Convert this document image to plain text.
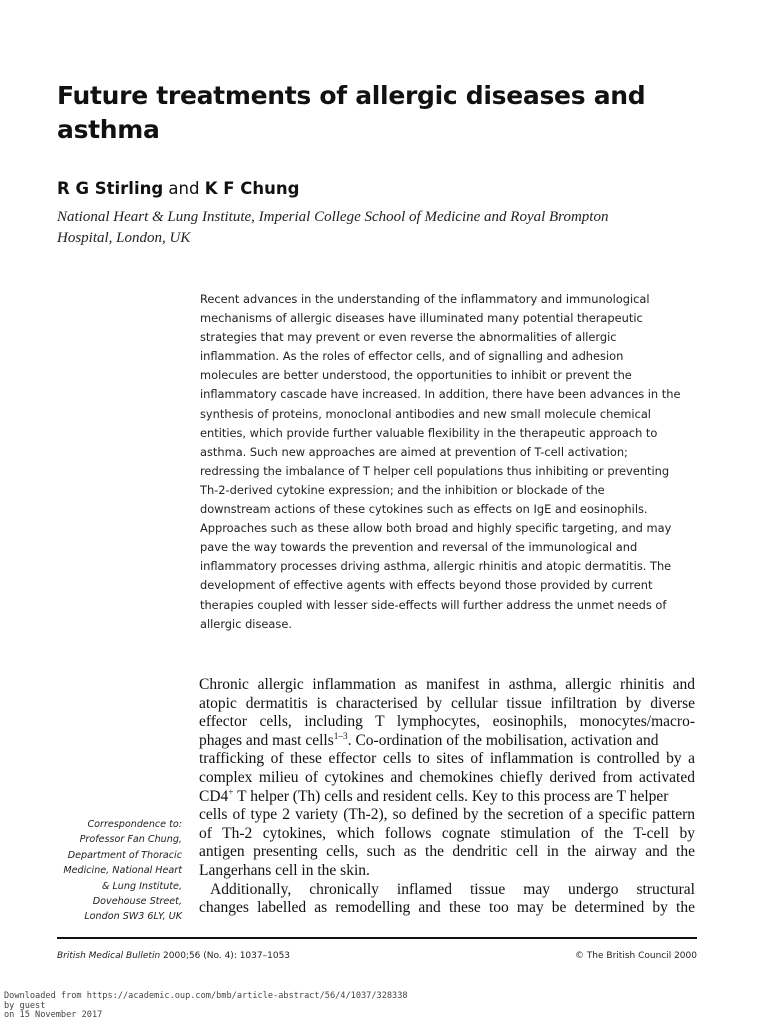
Future treatments of allergic diseases and
asthma

R G Stirling and K F Chung

National Heart & Lung Institute, Imperial College School of Medicine and Royal Brompton
Hospital, London, UK

Recent advances in the understanding of the inflammatory and immunological
mechanisms of allergic diseases have illuminated many potential therapeutic
strategies that may prevent or even reverse the abnormalities of allergic
inflammation. As the roles of effector cells, and of signalling and adhesion
molecules are better understood, the opportunities to inhibit or prevent the
inflammatory cascade have increased. In addition, there have been advances in the
synthesis of proteins, monoclonal antibodies and new small molecule chemical
entities, which provide further valuable flexibility in the therapeutic approach to
asthma. Such new approaches are aimed at prevention of T-cell activation;
redressing the imbalance of T helper cell populations thus inhibiting or preventing
Th-2-derived cytokine expression; and the inhibition or blockade of the
downstream actions of these cytokines such as effects on IgE and eosinophils.
Approaches such as these allow both broad and highly specific targeting, and may
pave the way towards the prevention and reversal of the immunological and
inflammatory processes driving asthma, allergic rhinitis and atopic dermatitis. The
development of effective agents with effects beyond those provided by current
therapies coupled with lesser side-effects will further address the unmet needs of
allergic disease.
Chronic allergic inflammation as manifest in asthma, allergic rhinitis and
atopic dermatitis is characterised by cellular tissue infiltration by diverse
effector cells, including T lymphocytes, eosinophils, monocytes/macro-
phages and mast cells$^{1-3}$. Co-ordination of the mobilisation, activation and
trafficking of these effector cells to sites of inflammation is controlled by a
complex milieu of cytokines and chemokines chiefly derived from activated
CD4+ T helper (Th) cells and resident cells. Key to this process are T helper
cells of type 2 variety (Th-2), so defined by the secretion of a specific pattern
of Th-2 cytokines, which follows cognate stimulation of the T-cell by
antigen presenting cells, such as the dendritic cell in the airway and the
Langerhans cell in the skin.
Additionally, chronically inflamed tissue may undergo structural
changes labelled as remodelling and these too may be determined by the
Correspondence to:
Professor Fan Chung,
Department of Thoracic
Medicine, National Heart
& Lung Institute,
Dovehouse Street,
London SW3 6LY, UK
British Medical Bulletin 2000;56 (No. 4): 1037–1053	© The British Council 2000
Downloaded from https://academic.oup.com/bmb/article-abstract/56/4/1037/328338
by guest
on 15 November 2017
